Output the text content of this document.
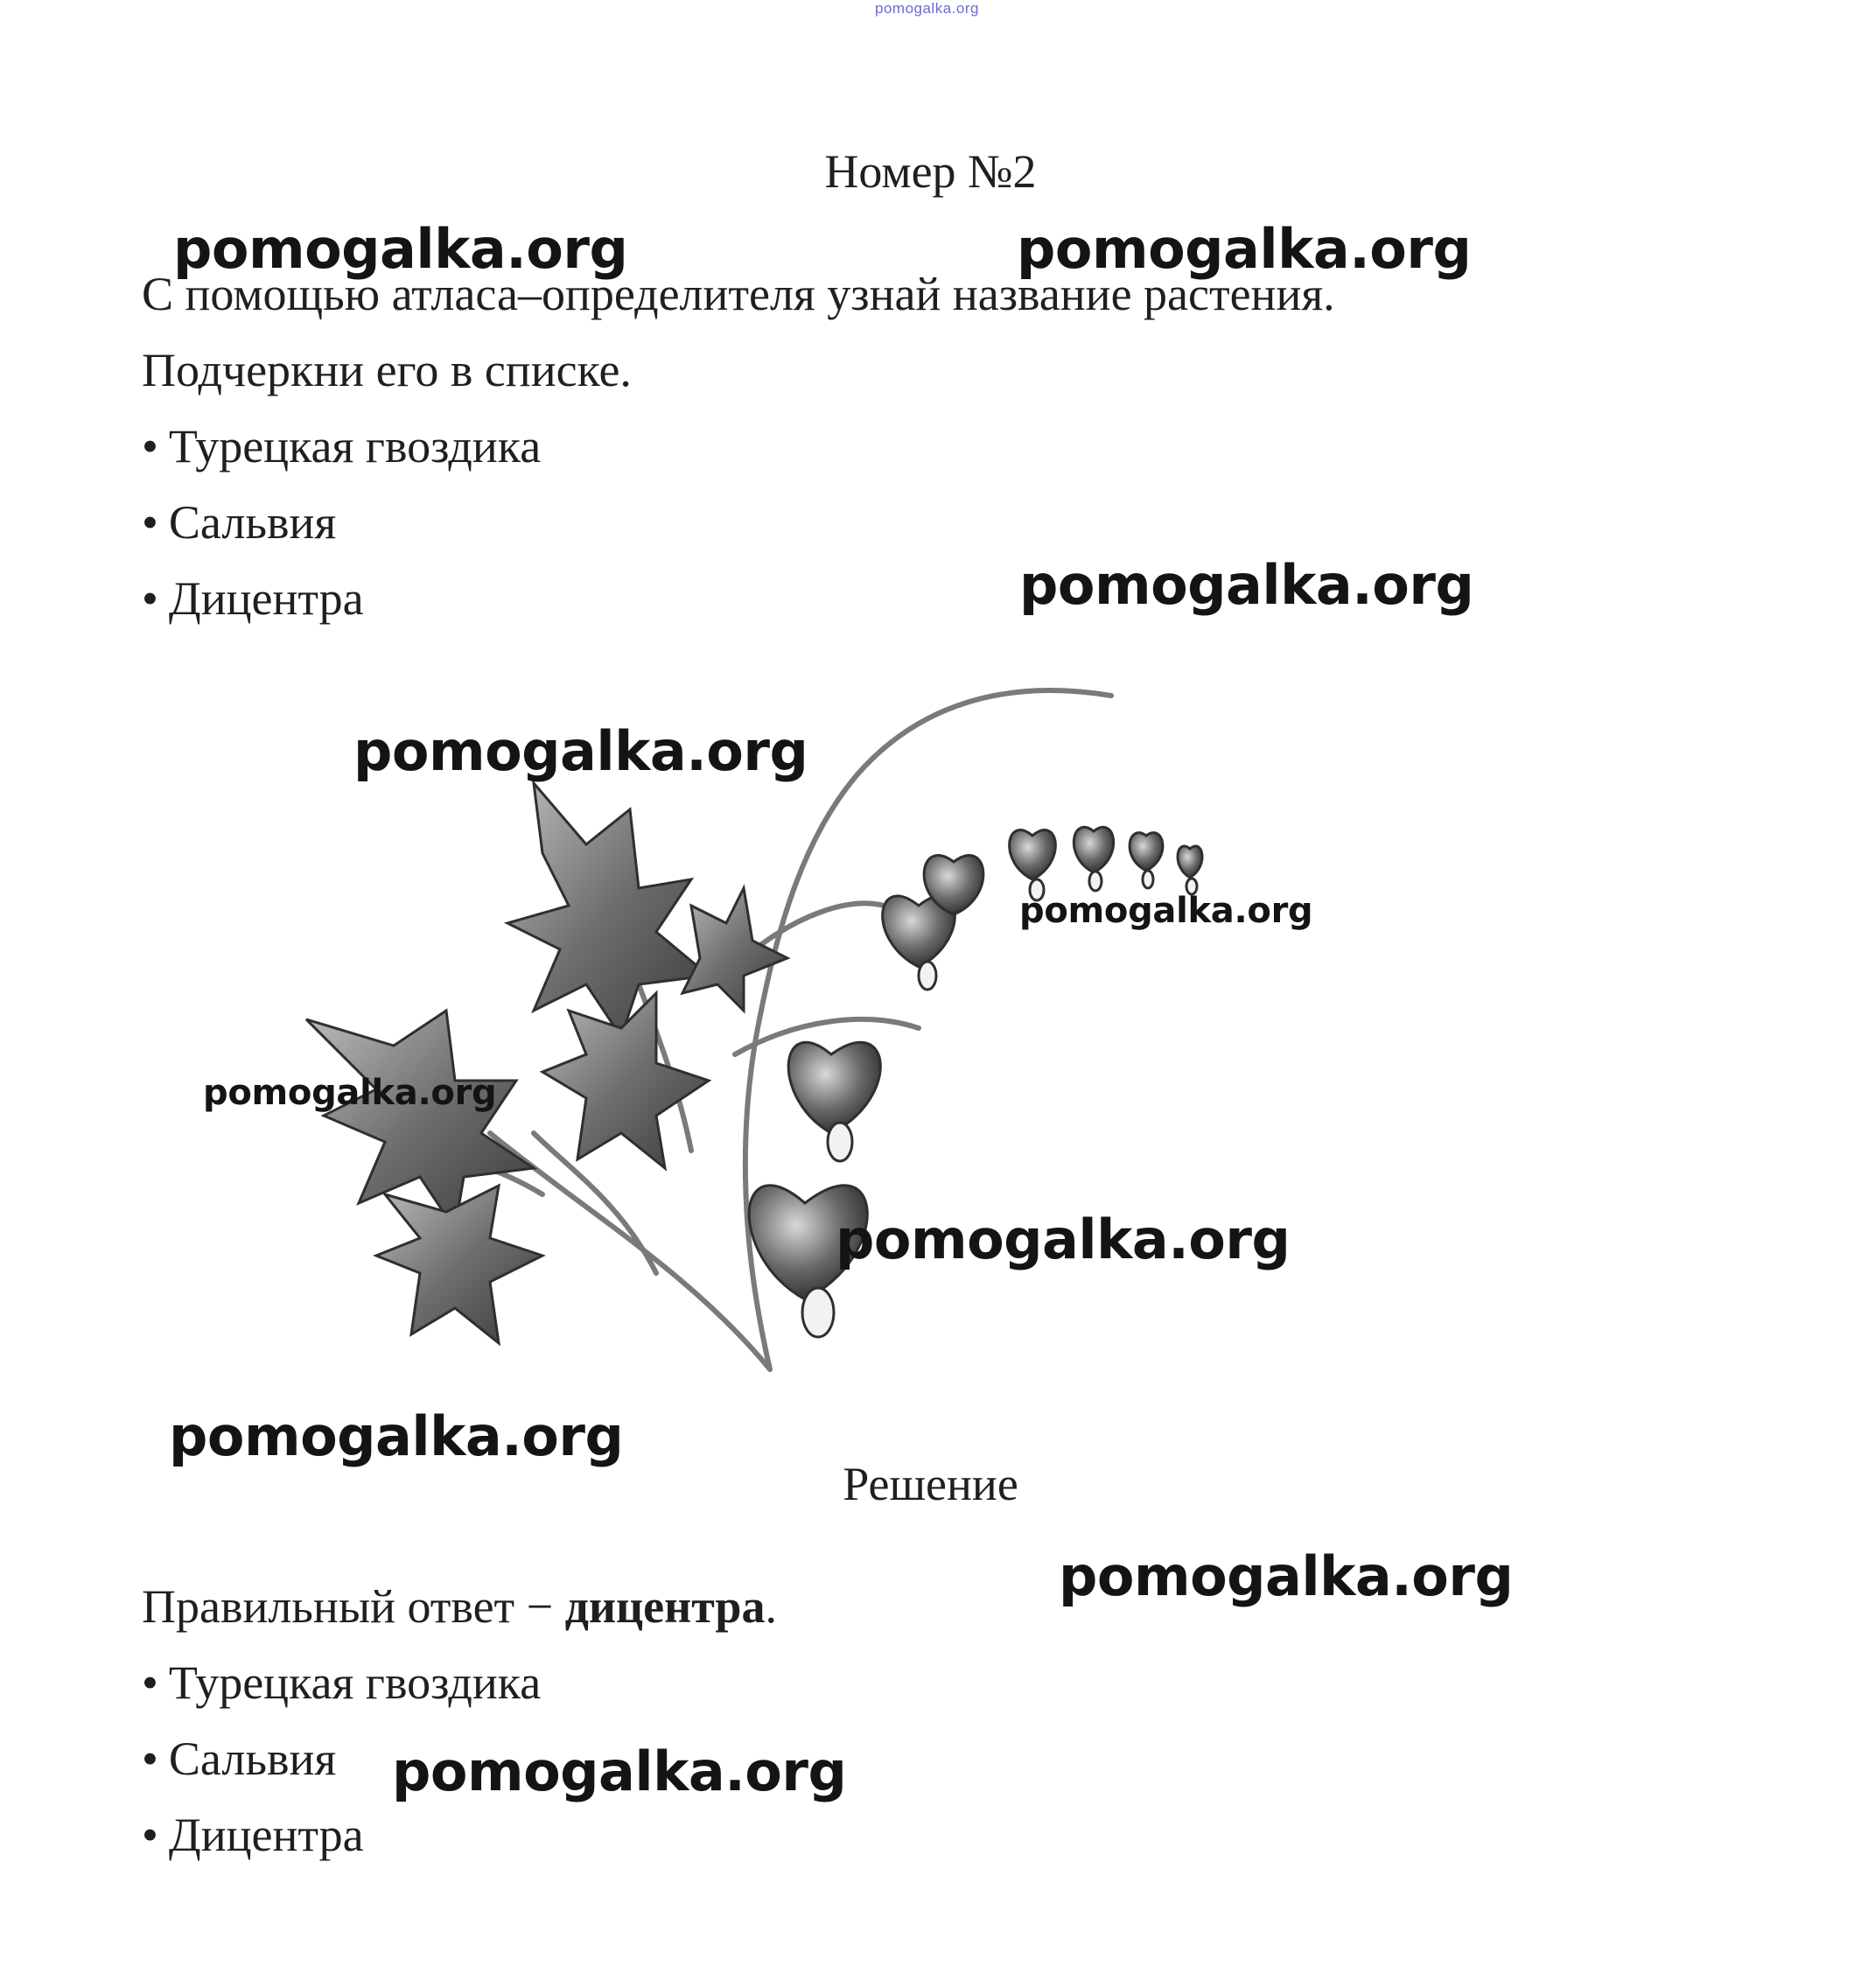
pomogalka.org
Номер №2
С помощью атласа–определителя узнай название растения.
Подчеркни его в списке.
• Турецкая гвоздика
• Сальвия
• Дицентра
Решение
Правильный ответ − дицентра.
• Турецкая гвоздика
• Сальвия
• Дицентра
pomogalka.org	pomogalka.org
pomogalka.org
pomogalka.org
pomogalka.org
pomogalka.org
pomogalka.org
pomogalka.org
pomogalka.org
pomogalka.org
